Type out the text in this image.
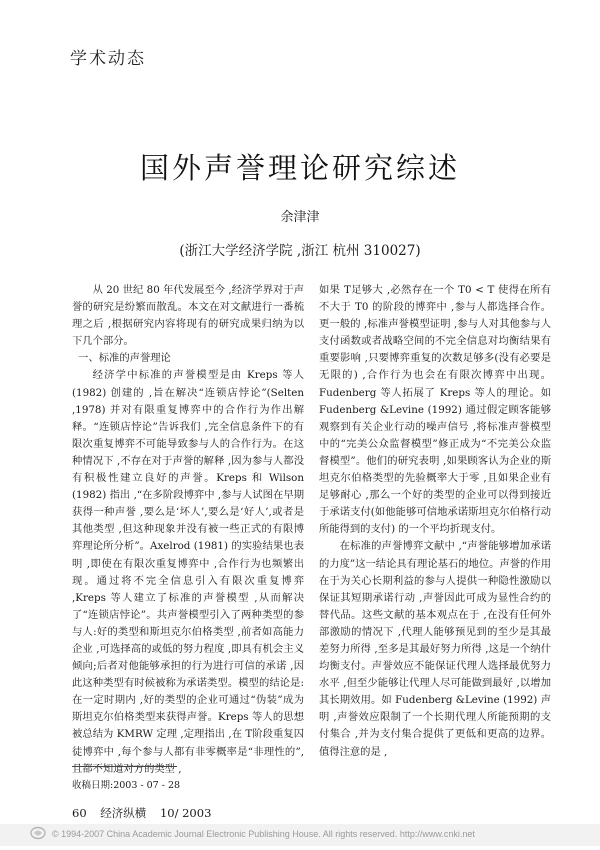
学术动态
国外声誉理论研究综述
余津津
(浙江大学经济学院 ,浙江 杭州 310027)

从 20 世纪 80 年代发展至今 ,经济学界对于声誉的研究是纷繁而散乱。本文在对文献进行一番梳理之后 ,根据研究内容将现有的研究成果归纳为以下几个部分。

一、标准的声誉理论

经济学中标准的声誉模型是由 Kreps 等人(1982) 创建的 ,旨在解决“连锁店悖论”(Selten ,1978) 并对有限重复博弈中的合作行为作出解释。“连锁店悖论”告诉我们 ,完全信息条件下的有限次重复博弈不可能导致参与人的合作行为。在这种情况下 ,不存在对于声誉的解释 ,因为参与人都没有积极性建立良好的声誉。Kreps 和 Wilson (1982) 指出 ,“在多阶段博弈中 ,参与人试图在早期获得一种声誉 ,要么是‘坏人’,要么是‘好人’,或者是其他类型 ,但这种现象并没有被一些正式的有限博弈理论所分析”。Axelrod (1981) 的实验结果也表明 ,即使在有限次重复博弈中 ,合作行为也频繁出现。通过将不完全信息引入有限次重复博弈 ,Kreps 等人建立了标准的声誉模型 ,从而解决了“连锁店悖论”。共声誉模型引入了两种类型的参与人:好的类型和斯坦克尔伯格类型 ,前者如高能力企业 ,可选择高的或低的努力程度 ,即具有机会主义倾向;后者对他能够承担的行为进行可信的承诺 ,因此这种类型有时候被称为承诺类型。模型的结论是:在一定时期内 ,好的类型的企业可通过“伪装”成为斯坦克尔伯格类型来获得声誉。Kreps 等人的思想被总结为 KMRW 定理 ,定理指出 ,在 T阶段重复囚徒博弈中 ,每个参与人都有非零概率是“非理性的”,且都不知道对方的类型 ,

如果 T足够大 ,必然存在一个 T0 < T 使得在所有不大于 T0 的阶段的博弈中 ,参与人都选择合作。更一般的 ,标准声誉模型证明 ,参与人对其他参与人支付函数或者战略空间的不完全信息对均衡结果有重要影响 ,只要博弈重复的次数足够多(没有必要是无限的) ,合作行为也会在有限次博弈中出现。Fudenberg 等人拓展了 Kreps 等人的理论。如 Fudenberg &Levine (1992) 通过假定顾客能够观察到有关企业行动的噪声信号 ,将标准声誉模型中的“完美公众监督模型”修正成为“不完美公众监督模型”。他们的研究表明 ,如果顾客认为企业的斯坦克尔伯格类型的先验概率大于零 ,且如果企业有足够耐心 ,那么一个好的类型的企业可以得到接近于承诺支付(如他能够可信地承诺斯坦克尔伯格行动所能得到的支付) 的一个平均折现支付。

在标准的声誉博弈文献中 ,“声誉能够增加承诺的力度”这一结论具有理论基石的地位。声誉的作用在于为关心长期利益的参与人提供一种隐性激励以保证其短期承诺行动 ,声誉因此可成为显性合约的替代品。这些文献的基本观点在于 ,在没有任何外部激励的情况下 ,代理人能够预见到的至少是其最差努力所得 ,至多是其最好努力所得 ,这是一个纳什均衡支付。声誉效应不能保证代理人选择最优努力水平 ,但至少能够让代理人尽可能做到最好 ,以增加其长期效用。如 Fudenberg &Levine (1992) 声明 ,声誉效应限制了一个长期代理人所能预期的支付集合 ,并为支付集合提供了更低和更高的边界。值得注意的是 ,

收稿日期:2003 - 07 - 28
60 经济纵横 10/ 2003
© 1994-2007 China Academic Journal Electronic Publishing House. All rights reserved. http://www.cnki.net
